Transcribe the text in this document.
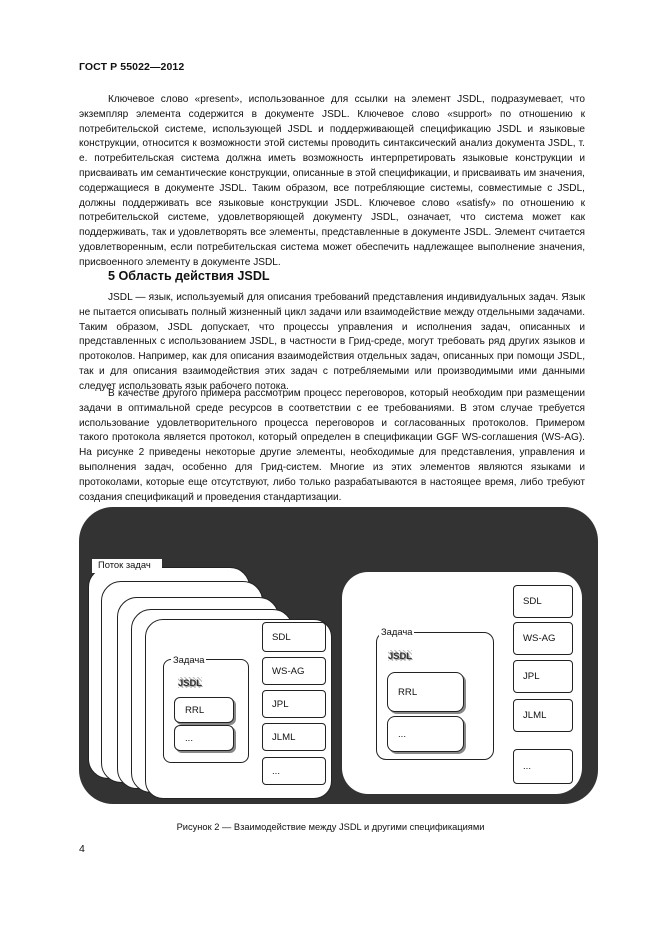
ГОСТ Р 55022—2012

Ключевое слово «present», использованное для ссылки на элемент JSDL, подразумевает, что экземпляр элемента содержится в документе JSDL. Ключевое слово «support» по отношению к потребительской системе, использующей JSDL и поддерживающей спецификацию JSDL и языковые конструкции, относится к возможности этой системы проводить синтаксический анализ документа JSDL, т. е. потребительская система должна иметь возможность интерпретировать языковые конструкции и присваивать им семантические конструкции, описанные в этой спецификации, и присваивать им значения, содержащиеся в документе JSDL. Таким образом, все потребляющие системы, совместимые с JSDL, должны поддерживать все языковые конструкции JSDL. Ключевое слово «satisfy» по отношению к потребительской системе, удовлетворяющей документу JSDL, означает, что система может как поддерживать, так и удовлетворять все элементы, представленные в документе JSDL. Элемент считается удовлетворенным, если потребительская система может обеспечить надлежащее выполнение значения, присвоенного элементу в документе JSDL.

5 Область действия JSDL

JSDL — язык, используемый для описания требований представления индивидуальных задач. Язык не пытается описывать полный жизненный цикл задачи или взаимодействие между отдельными задачами. Таким образом, JSDL допускает, что процессы управления и исполнения задач, описанных и представленных с использованием JSDL, в частности в Грид-среде, могут требовать ряд других языков и протоколов. Например, как для описания взаимодействия отдельных задач, описанных при помощи JSDL, так и для описания взаимодействия этих задач с потребляемыми или производимыми ими данными следует использовать язык рабочего потока.

В качестве другого примера рассмотрим процесс переговоров, который необходим при размещении задачи в оптимальной среде ресурсов в соответствии с ее требованиями. В этом случае требуется использование удовлетворительного процесса переговоров и согласованных протоколов. Примером такого протокола является протокол, который определен в спецификации GGF WS-соглашения (WS-AG). На рисунке 2 приведены некоторые другие элементы, необходимые для представления, управления и выполнения задач, особенно для Грид-систем. Многие из этих элементов являются языками и протоколами, которые еще отсутствуют, либо только разрабатываются в настоящее время, либо требуют создания спецификаций и проведения стандартизации.

Поток задач
Задача
JSDL
RRL
...
SDL
WS-AG
JPL
JLML
...
Задача
JSDL
RRL
...
SDL
WS-AG
JPL
JLML
...
Рисунок 2 — Взаимодействие между JSDL и другими спецификациями
4
